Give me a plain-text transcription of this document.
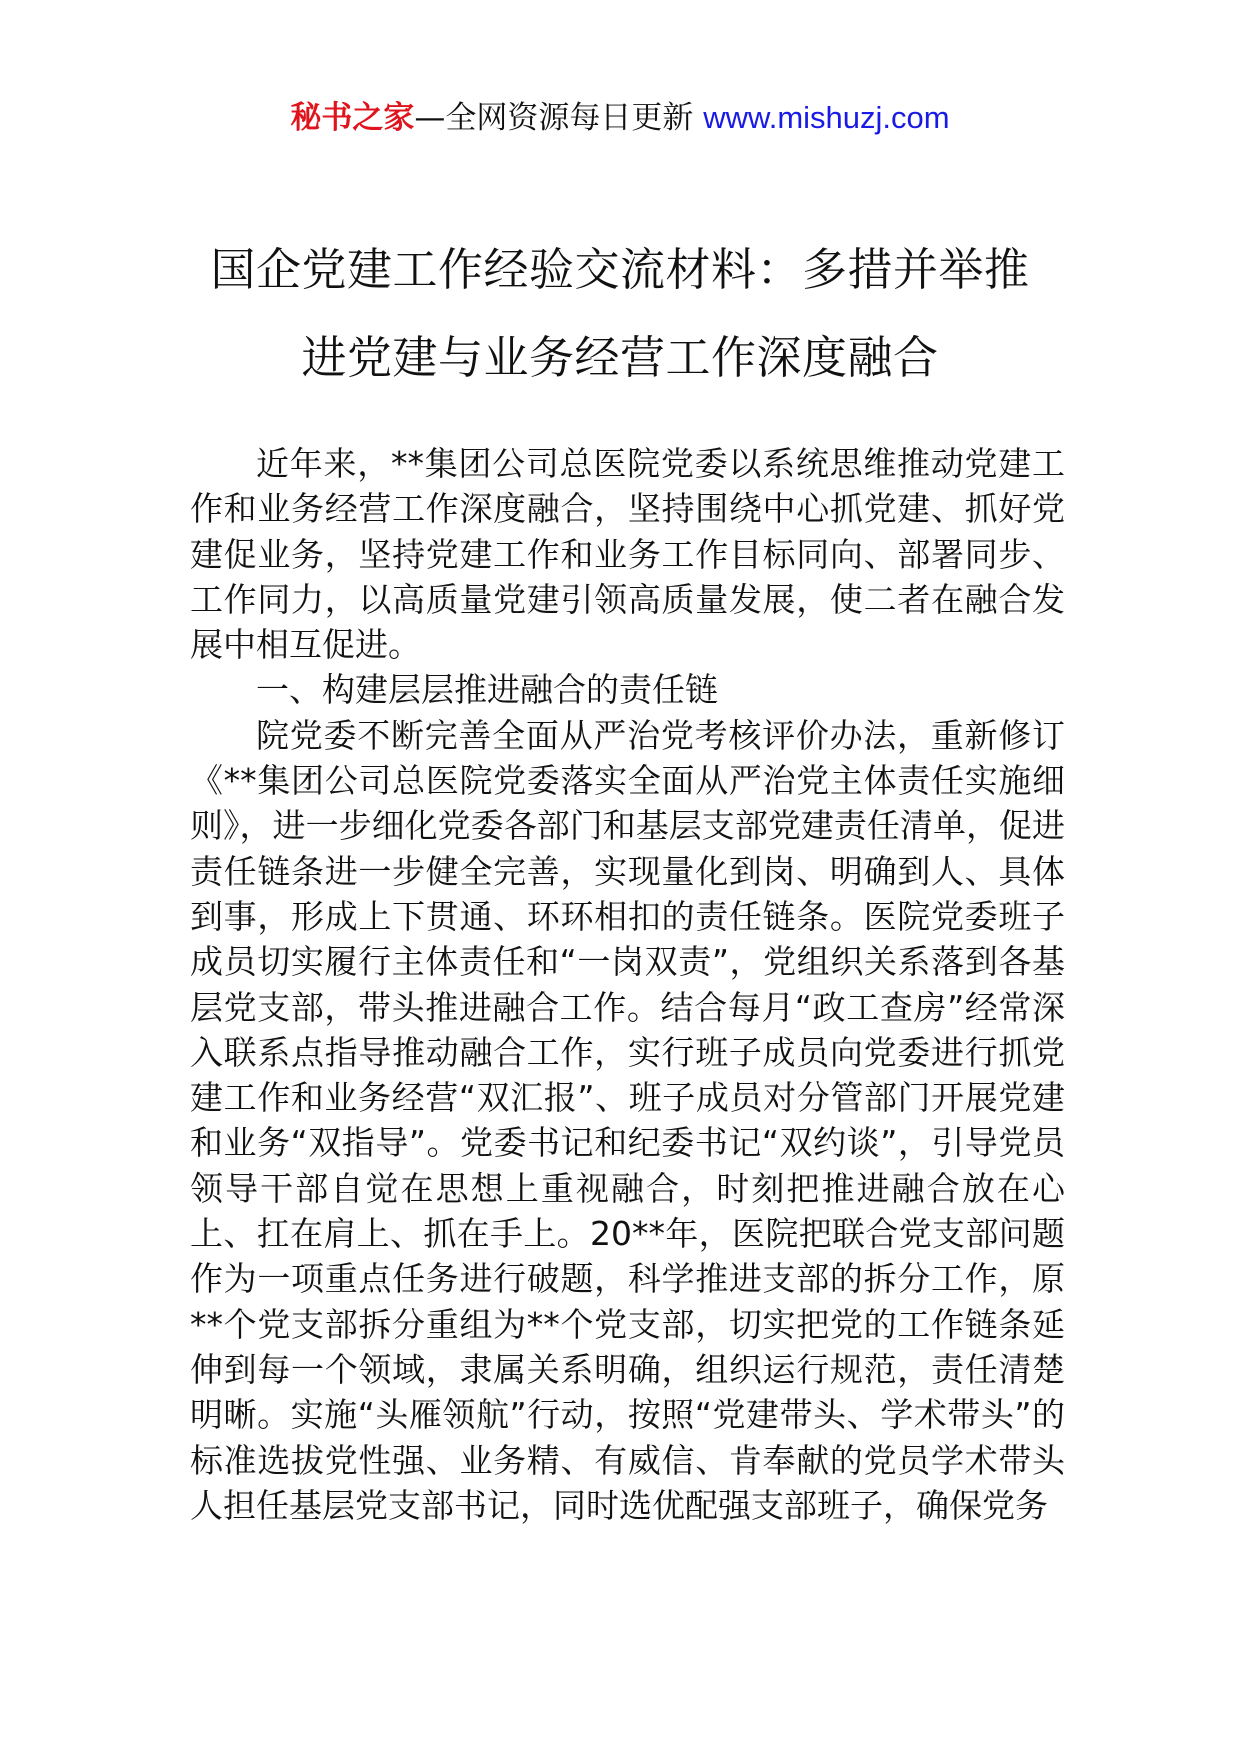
秘书之家—全网资源每日更新 www.mishuzj.com
国企党建工作经验交流材料：多措并举推
进党建与业务经营工作深度融合

近年来，**集团公司总医院党委以系统思维推动党建工作和业务经营工作深度融合，坚持围绕中心抓党建、抓好党建促业务，坚持党建工作和业务工作目标同向、部署同步、工作同力，以高质量党建引领高质量发展，使二者在融合发展中相互促进。

一、构建层层推进融合的责任链

院党委不断完善全面从严治党考核评价办法，重新修订《**集团公司总医院党委落实全面从严治党主体责任实施细则》，进一步细化党委各部门和基层支部党建责任清单，促进责任链条进一步健全完善，实现量化到岗、明确到人、具体到事，形成上下贯通、环环相扣的责任链条。医院党委班子成员切实履行主体责任和“一岗双责”，党组织关系落到各基层党支部，带头推进融合工作。结合每月“政工查房”经常深入联系点指导推动融合工作，实行班子成员向党委进行抓党建工作和业务经营“双汇报”、班子成员对分管部门开展党建和业务“双指导”。党委书记和纪委书记“双约谈”，引导党员领导干部自觉在思想上重视融合，时刻把推进融合放在心上、扛在肩上、抓在手上。20**年，医院把联合党支部问题作为一项重点任务进行破题，科学推进支部的拆分工作，原**个党支部拆分重组为**个党支部，切实把党的工作链条延伸到每一个领域，隶属关系明确，组织运行规范，责任清楚明晰。实施“头雁领航”行动，按照“党建带头、学术带头”的标准选拔党性强、业务精、有威信、肯奉献的党员学术带头人担任基层党支部书记，同时选优配强支部班子，确保党务
